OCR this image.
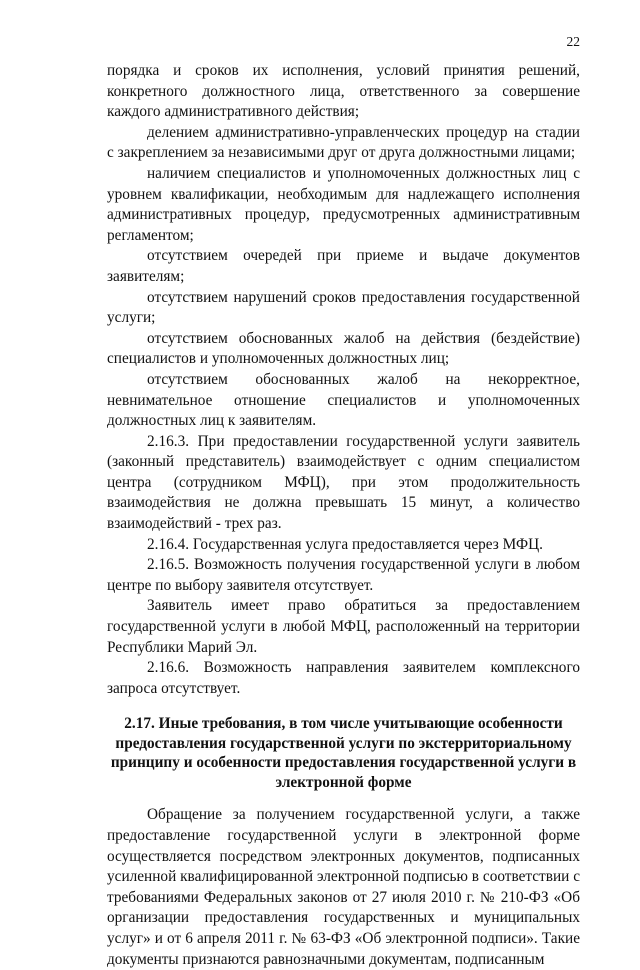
22

порядка и сроков их исполнения, условий принятия решений, конкретного должностного лица, ответственного за совершение каждого административного действия;

делением административно-управленческих процедур на стадии с закреплением за независимыми друг от друга должностными лицами;

наличием специалистов и уполномоченных должностных лиц с уровнем квалификации, необходимым для надлежащего исполнения административных процедур, предусмотренных административным регламентом;

отсутствием очередей при приеме и выдаче документов заявителям;

отсутствием нарушений сроков предоставления государственной услуги;

отсутствием обоснованных жалоб на действия (бездействие) специалистов и уполномоченных должностных лиц;

отсутствием обоснованных жалоб на некорректное, невнимательное отношение специалистов и уполномоченных должностных лиц к заявителям.

2.16.3. При предоставлении государственной услуги заявитель (законный представитель) взаимодействует с одним специалистом центра (сотрудником МФЦ), при этом продолжительность взаимодействия не должна превышать 15 минут, а количество взаимодействий - трех раз.

2.16.4. Государственная услуга предоставляется через МФЦ.

2.16.5. Возможность получения государственной услуги в любом центре по выбору заявителя отсутствует.

Заявитель имеет право обратиться за предоставлением государственной услуги в любой МФЦ, расположенный на территории Республики Марий Эл.

2.16.6. Возможность направления заявителем комплексного запроса отсутствует.

2.17. Иные требования, в том числе учитывающие особенности предоставления государственной услуги по экстерриториальному принципу и особенности предоставления государственной услуги в электронной форме

Обращение за получением государственной услуги, а также предоставление государственной услуги в электронной форме осуществляется посредством электронных документов, подписанных усиленной квалифицированной электронной подписью в соответствии с требованиями Федеральных законов от 27 июля 2010 г. № 210-ФЗ «Об организации предоставления государственных и муниципальных услуг» и от 6 апреля 2011 г. № 63-ФЗ «Об электронной подписи». Такие документы признаются равнозначными документам, подписанным
